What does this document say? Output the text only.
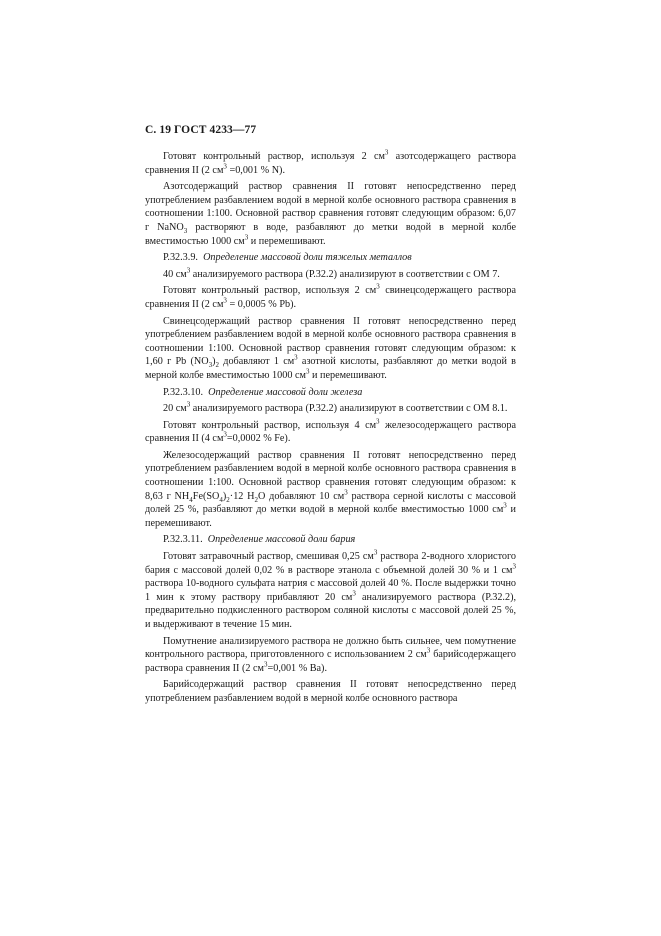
С. 19 ГОСТ 4233—77

Готовят контрольный раствор, используя 2 $см^3$ азотсодержащего раствора сравнения II (2 $см^3 =0,001$ % N).

Азотсодержащий раствор сравнения II готовят непосредственно перед употреблением разбавлением водой в мерной колбе основного раствора сравнения в соотношении 1:100. Основной раствор сравнения готовят следующим образом: 6,07 г NaNO$_3$ растворяют в воде, разбавляют до метки водой в мерной колбе вместимостью 1000 $см^3$ и перемешивают.

Р.32.3.9. Определение массовой доли тяжелых металлов

40 $см^3$ анализируемого раствора (Р.32.2) анализируют в соответствии с ОМ 7.

Готовят контрольный раствор, используя 2 $см^3$ свинецсодержащего раствора сравнения II (2 $см^3 = 0,0005$ % Pb).

Свинецсодержащий раствор сравнения II готовят непосредственно перед употреблением разбавлением водой в мерной колбе основного раствора сравнения в соотношении 1:100. Основной раствор сравнения готовят следующим образом: к 1,60 г Pb $(NO_3)_2$ добавляют 1 $см^3$ азотной кислоты, разбавляют до метки водой в мерной колбе вместимостью 1000 $см^3$ и перемешивают.

Р.32.3.10. Определение массовой доли железа

20 $см^3$ анализируемого раствора (Р.32.2) анализируют в соответствии с ОМ 8.1.

Готовят контрольный раствор, используя 4 $см^3$ железосодержащего раствора сравнения II (4 $см^3=0,0002$ % Fe).

Железосодержащий раствор сравнения II готовят непосредственно перед употреблением разбавлением водой в мерной колбе основного раствора сравнения в соотношении 1:100. Основной раствор сравнения готовят следующим образом: к 8,63 г $NH_4Fe(SO_4)_2\cdot 12$ $H_2O$ добавляют 10 $см^3$ раствора серной кислоты с массовой долей 25 %, разбавляют до метки водой в мерной колбе вместимостью 1000 $см^3$ и перемешивают.

Р.32.3.11. Определение массовой доли бария

Готовят затравочный раствор, смешивая 0,25 $см^3$ раствора 2-водного хлористого бария с массовой долей 0,02 % в растворе этанола с объемной долей 30 % и 1 $см^3$ раствора 10-водного сульфата натрия с массовой долей 40 %. После выдержки точно 1 мин к этому раствору прибавляют 20 $см^3$ анализируемого раствора (Р.32.2), предварительно подкисленного раствором соляной кислоты с массовой долей 25 %, и выдерживают в течение 15 мин.

Помутнение анализируемого раствора не должно быть сильнее, чем помутнение контрольного раствора, приготовленного с использованием 2 $см^3$ барийсодержащего раствора сравнения II (2 $см^3=0,001$ % Ba).

Барийсодержащий раствор сравнения II готовят непосредственно перед употреблением разбавлением водой в мерной колбе основного раствора
